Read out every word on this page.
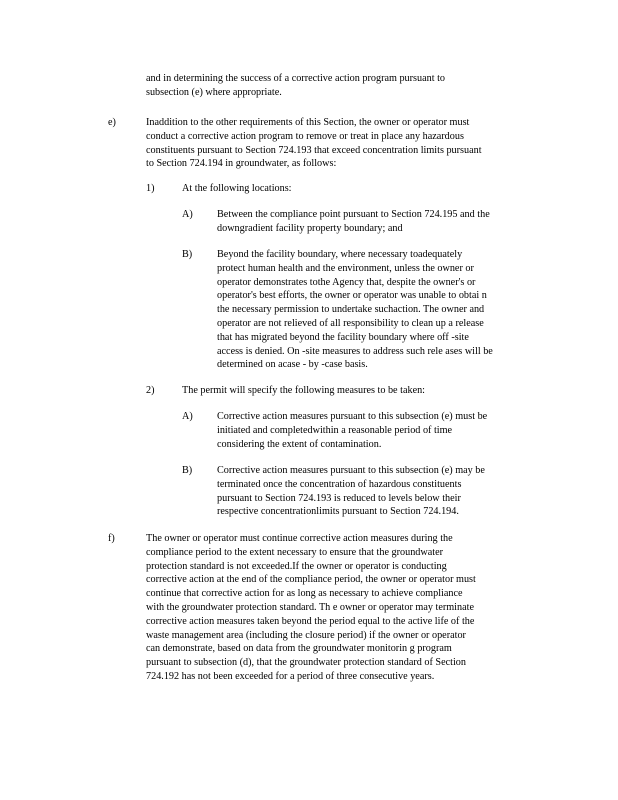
and in determining the success of a corrective action program pursuant to
subsection (e) where appropriate.
e)	Inaddition to the other requirements of this Section, the owner or operator must
conduct a corrective action program to remove or treat in place any hazardous
constituents pursuant to Section 724.193 that exceed concentration limits pursuant
to Section 724.194 in groundwater, as follows:
1)	At the following locations:
A) Between the compliance point pursuant to Section 724.195 and the
downgradient facility property boundary; and
B) Beyond the facility boundary, where necessary toadequately
protect human health and the environment, unless the owner or
operator demonstrates tothe Agency that, despite the owner's or
operator's best efforts, the owner or operator was unable to obtai n
the necessary permission to undertake suchaction. The owner and
operator are not relieved of all responsibility to clean up a release
that has migrated beyond the facility boundary where off -site
access is denied. On -site measures to address such rele ases will be
determined on acase - by -case basis.
2)	The permit will specify the following measures to be taken:
A) Corrective action measures pursuant to this subsection (e) must be
initiated and completedwithin a reasonable period of time
considering the extent of contamination.
B) Corrective action measures pursuant to this subsection (e) may be
terminated once the concentration of hazardous constituents
pursuant to Section 724.193 is reduced to levels below their
respective concentrationlimits pursuant to Section 724.194.
f)	The owner or operator must continue corrective action measures during the
compliance period to the extent necessary to ensure that the groundwater
protection standard is not exceeded.If the owner or operator is conducting
corrective action at the end of the compliance period, the owner or operator must
continue that corrective action for as long as necessary to achieve compliance
with the groundwater protection standard. Th e owner or operator may terminate
corrective action measures taken beyond the period equal to the active life of the
waste management area (including the closure period) if the owner or operator
can demonstrate, based on data from the groundwater monitorin g program
pursuant to subsection (d), that the groundwater protection standard of Section
724.192 has not been exceeded for a period of three consecutive years.
